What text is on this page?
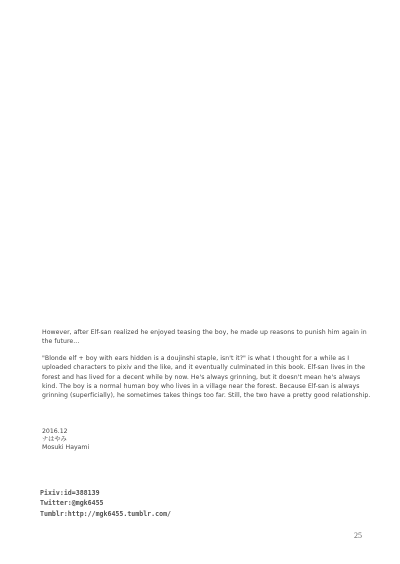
However, after Elf-san realized he enjoyed teasing the boy, he made up reasons to punish him again in the future...

"Blonde elf + boy with ears hidden is a doujinshi staple, isn't it?" is what I thought for a while as I uploaded characters to pixiv and the like, and it eventually culminated in this book. Elf-san lives in the forest and has lived for a decent while by now. He's always grinning, but it doesn't mean he's always kind. The boy is a normal human boy who lives in a village near the forest. Because Elf-san is always grinning (superficially), he sometimes takes things too far. Still, the two have a pretty good relationship.

2016.12
ナはやみ
Mosuki Hayami
Pixiv:id=388139
Twitter:@mgk6455
Tumblr:http://mgk6455.tumblr.com/
25
